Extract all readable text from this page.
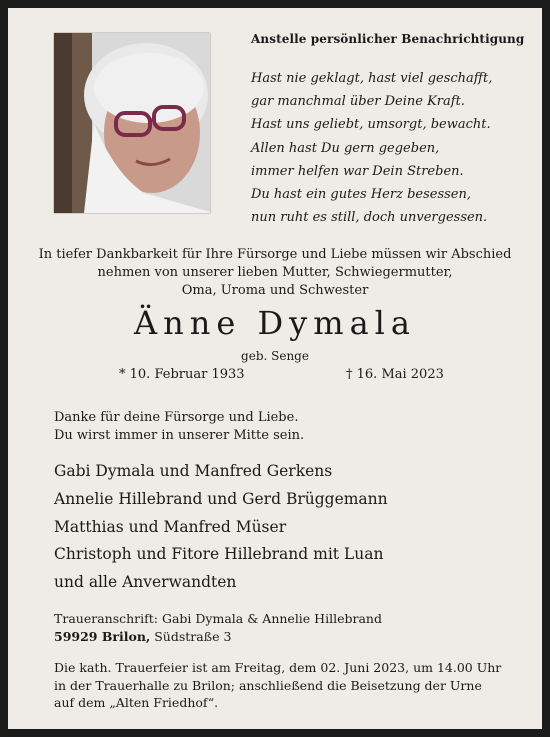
Anstelle persönlicher Benachrichtigung
Hast nie geklagt, hast viel geschafft,
gar manchmal über Deine Kraft.
Hast uns geliebt, umsorgt, bewacht.
Allen hast Du gern gegeben,
immer helfen war Dein Streben.
Du hast ein gutes Herz besessen,
nun ruht es still, doch unvergessen.
In tiefer Dankbarkeit für Ihre Fürsorge und Liebe müssen wir Abschied
nehmen von unserer lieben Mutter, Schwiegermutter,
Oma, Uroma und Schwester
Änne Dymala
geb. Senge
* 10. Februar 1933	† 16. Mai 2023
Danke für deine Fürsorge und Liebe.
Du wirst immer in unserer Mitte sein.
Gabi Dymala und Manfred Gerkens
Annelie Hillebrand und Gerd Brüggemann
Matthias und Manfred Müser
Christoph und Fitore Hillebrand mit Luan
und alle Anverwandten
Traueranschrift: Gabi Dymala & Annelie Hillebrand
59929 Brilon, Südstraße 3
Die kath. Trauerfeier ist am Freitag, dem 02. Juni 2023, um 14.00 Uhr
in der Trauerhalle zu Brilon; anschließend die Beisetzung der Urne
auf dem „Alten Friedhof“.
